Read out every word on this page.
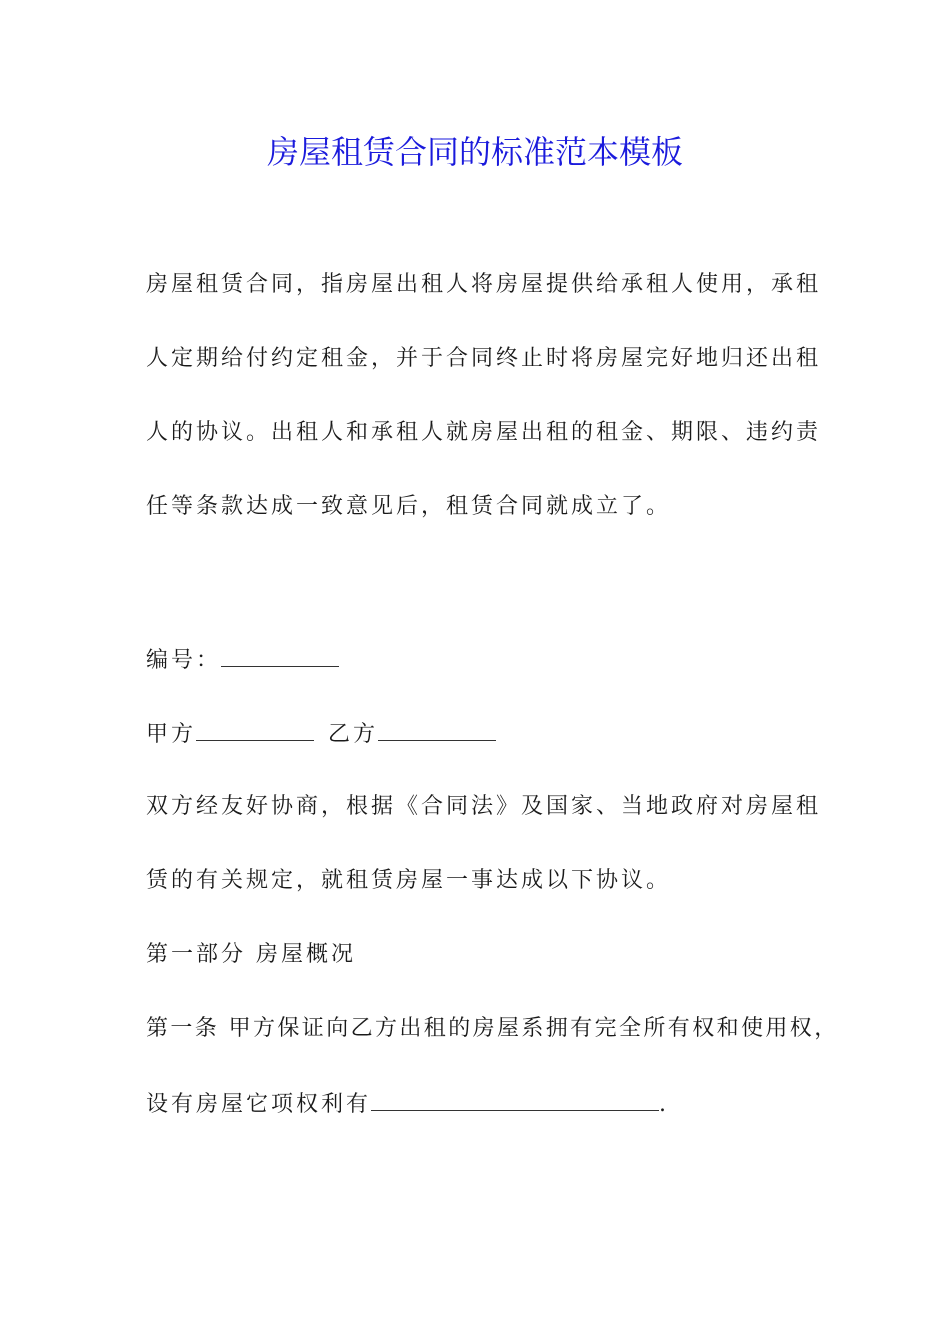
房屋租赁合同的标准范本模板
房屋租赁合同，指房屋出租人将房屋提供给承租人使用，承租
人定期给付约定租金，并于合同终止时将房屋完好地归还出租
人的协议。出租人和承租人就房屋出租的租金、期限、违约责
任等条款达成一致意见后，租赁合同就成立了。
编号：
甲方	乙方
双方经友好协商，根据《合同法》及国家、当地政府对房屋租
赁的有关规定，就租赁房屋一事达成以下协议。
第一部分 房屋概况
第一条 甲方保证向乙方出租的房屋系拥有完全所有权和使用权，
设有房屋它项权利有	.
